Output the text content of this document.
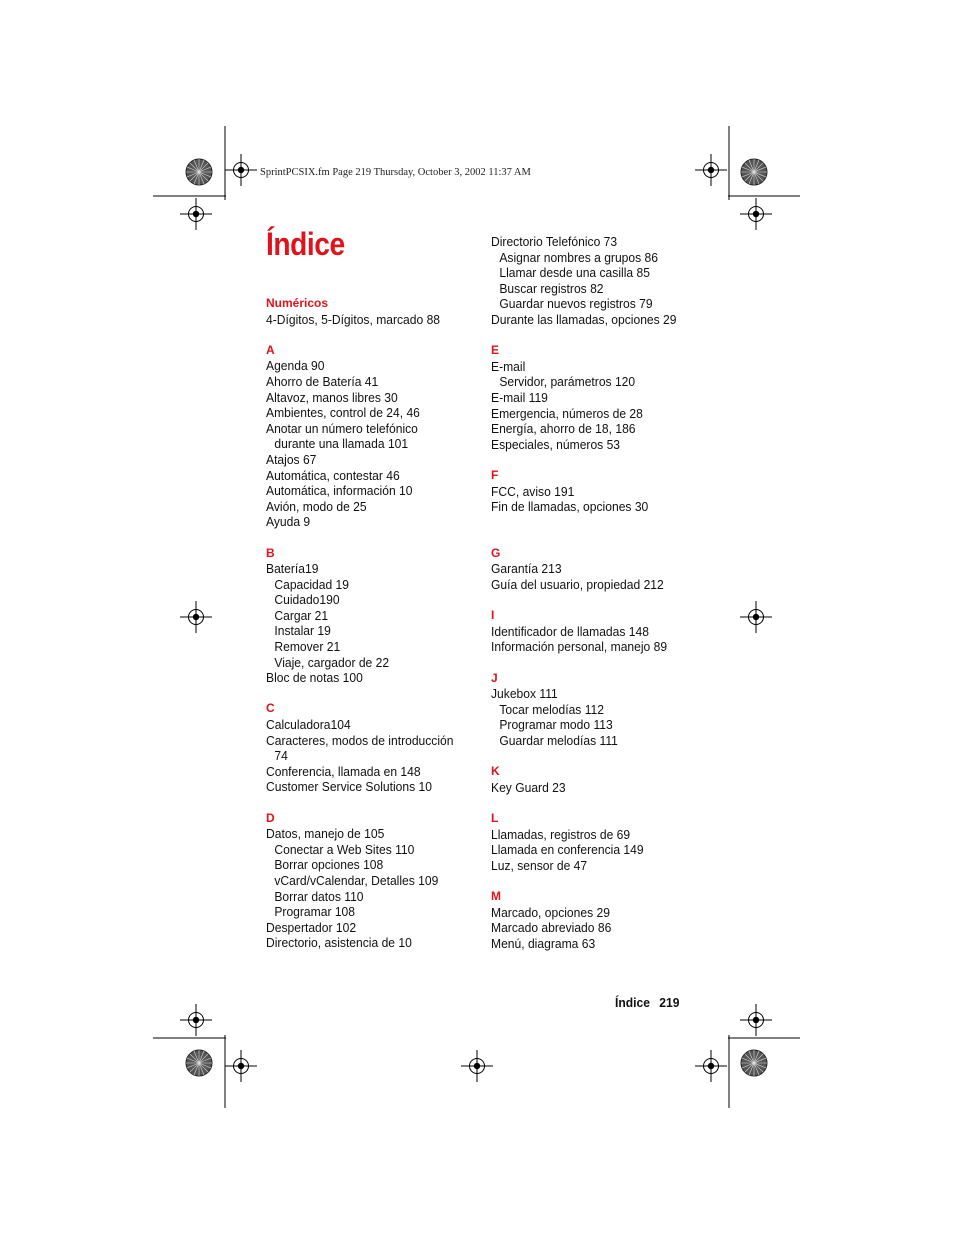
SprintPCSIX.fm Page 219 Thursday, October 3, 2002 11:37 AM
Índice
Numéricos
4-Dígitos, 5-Dígitos, marcado 88
A
Agenda 90
Ahorro de Batería 41
Altavoz, manos libres 30
Ambientes, control de 24, 46
Anotar un número telefónico
durante una llamada 101
Atajos 67
Automática, contestar 46
Automática, información 10
Avión, modo de 25
Ayuda 9
B
Batería19
Capacidad 19
Cuidado190
Cargar 21
Instalar 19
Remover 21
Viaje, cargador de 22
Bloc de notas 100
C
Calculadora104
Caracteres, modos de introducción
74
Conferencia, llamada en 148
Customer Service Solutions 10
D
Datos, manejo de 105
Conectar a Web Sites 110
Borrar opciones 108
vCard/vCalendar, Detalles 109
Borrar datos 110
Programar 108
Despertador 102
Directorio, asistencia de 10
Directorio Telefónico 73
Asignar nombres a grupos 86
Llamar desde una casilla 85
Buscar registros 82
Guardar nuevos registros 79
Durante las llamadas, opciones 29
E
E-mail
Servidor, parámetros 120
E-mail 119
Emergencia, números de 28
Energía, ahorro de 18, 186
Especiales, números 53
F
FCC, aviso 191
Fin de llamadas, opciones 30
G
Garantía 213
Guía del usuario, propiedad 212
I
Identificador de llamadas 148
Información personal, manejo 89
J
Jukebox 111
Tocar melodías 112
Programar modo 113
Guardar melodías 111
K
Key Guard 23
L
Llamadas, registros de 69
Llamada en conferencia 149
Luz, sensor de 47
M
Marcado, opciones 29
Marcado abreviado 86
Menú, diagrama 63
Índice 219
